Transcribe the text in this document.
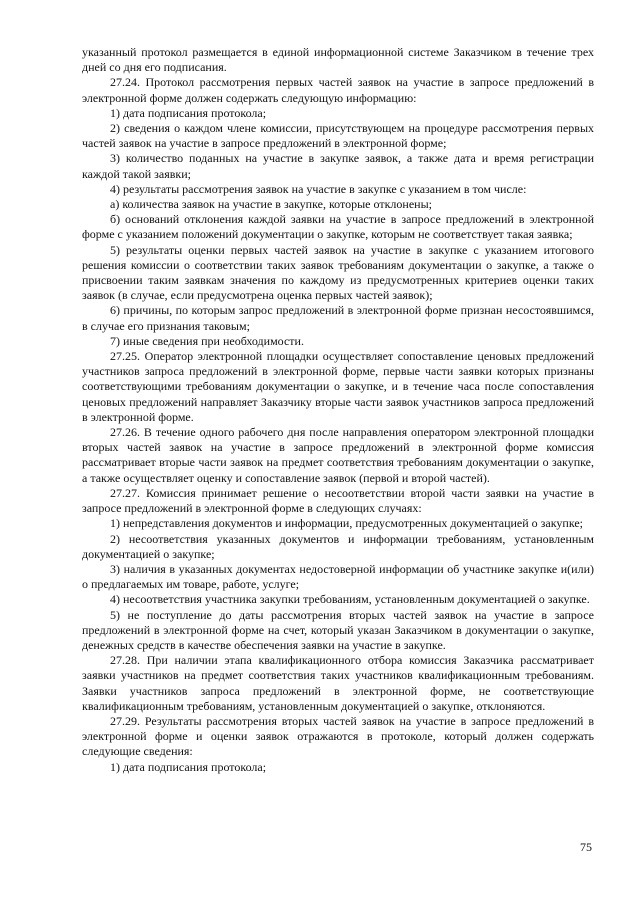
указанный протокол размещается в единой информационной системе Заказчиком в течение трех дней со дня его подписания.

27.24. Протокол рассмотрения первых частей заявок на участие в запросе предложений в электронной форме должен содержать следующую информацию:

1) дата подписания протокола;

2) сведения о каждом члене комиссии, присутствующем на процедуре рассмотрения первых частей заявок на участие в запросе предложений в электронной форме;

3) количество поданных на участие в закупке заявок, а также дата и время регистрации каждой такой заявки;

4) результаты рассмотрения заявок на участие в закупке с указанием в том числе:

а) количества заявок на участие в закупке, которые отклонены;

б) оснований отклонения каждой заявки на участие в запросе предложений в электронной форме с указанием положений документации о закупке, которым не соответствует такая заявка;

5) результаты оценки первых частей заявок на участие в закупке с указанием итогового решения комиссии о соответствии таких заявок требованиям документации о закупке, а также о присвоении таким заявкам значения по каждому из предусмотренных критериев оценки таких заявок (в случае, если предусмотрена оценка первых частей заявок);

6) причины, по которым запрос предложений в электронной форме признан несостоявшимся, в случае его признания таковым;

7) иные сведения при необходимости.

27.25. Оператор электронной площадки осуществляет сопоставление ценовых предложений участников запроса предложений в электронной форме, первые части заявки которых признаны соответствующими требованиям документации о закупке, и в течение часа после сопоставления ценовых предложений направляет Заказчику вторые части заявок участников запроса предложений в электронной форме.

27.26. В течение одного рабочего дня после направления оператором электронной площадки вторых частей заявок на участие в запросе предложений в электронной форме комиссия рассматривает вторые части заявок на предмет соответствия требованиям документации о закупке, а также осуществляет оценку и сопоставление заявок (первой и второй частей).

27.27. Комиссия принимает решение о несоответствии второй части заявки на участие в запросе предложений в электронной форме в следующих случаях:

1) непредставления документов и информации, предусмотренных документацией о закупке;

2) несоответствия указанных документов и информации требованиям, установленным документацией о закупке;

3) наличия в указанных документах недостоверной информации об участнике закупке и(или) о предлагаемых им товаре, работе, услуге;

4) несоответствия участника закупки требованиям, установленным документацией о закупке.

5) не поступление до даты рассмотрения вторых частей заявок на участие в запросе предложений в электронной форме на счет, который указан Заказчиком в документации о закупке, денежных средств в качестве обеспечения заявки на участие в закупке.

27.28. При наличии этапа квалификационного отбора комиссия Заказчика рассматривает заявки участников на предмет соответствия таких участников квалификационным требованиям. Заявки участников запроса предложений в электронной форме, не соответствующие квалификационным требованиям, установленным документацией о закупке, отклоняются.

27.29. Результаты рассмотрения вторых частей заявок на участие в запросе предложений в электронной форме и оценки заявок отражаются в протоколе, который должен содержать следующие сведения:

1) дата подписания протокола;

75
